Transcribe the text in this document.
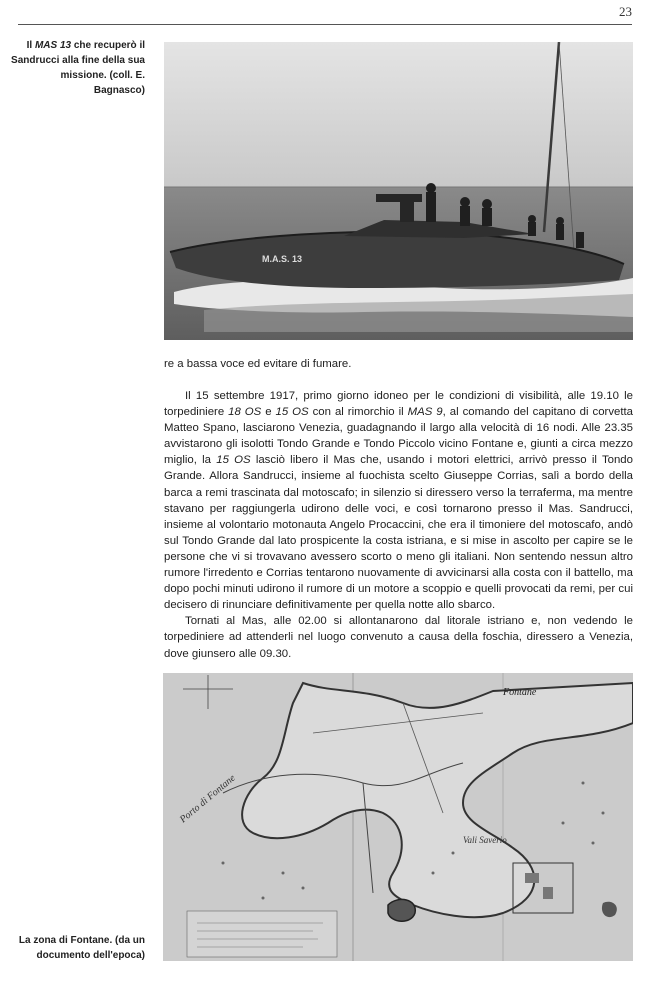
23
Il MAS 13 che recuperò il Sandrucci alla fine della sua missione. (coll. E. Bagnasco)
M.A.S. 13

re a bassa voce ed evitare di fumare.

Il 15 settembre 1917, primo giorno idoneo per le condizioni di visibilità, alle 19.10 le torpediniere 18 OS e 15 OS con al rimorchio il MAS 9, al comando del capitano di corvetta Matteo Spano, lasciarono Venezia, guadagnando il largo alla velocità di 16 nodi. Alle 23.35 avvistarono gli isolotti Tondo Grande e Tondo Piccolo vicino Fontane e, giunti a circa mezzo miglio, la 15 OS lasciò libero il Mas che, usando i motori elettrici, arrivò presso il Tondo Grande. Allora Sandrucci, insieme al fuochista scelto Giuseppe Corrias, salì a bordo della barca a remi trascinata dal motoscafo; in silenzio si diressero verso la terraferma, ma mentre stavano per raggiungerla udirono delle voci, e così tornarono presso il Mas. Sandrucci, insieme al volontario motonauta Angelo Procaccini, che era il timoniere del motoscafo, andò sul Tondo Grande dal lato prospicente la costa istriana, e si mise in ascolto per capire se le persone che vi si trovavano avessero scorto o meno gli italiani. Non sentendo nessun altro rumore l'irredento e Corrias tentarono nuovamente di avvicinarsi alla costa con il battello, ma dopo pochi minuti udirono il rumore di un motore a scoppio e quelli provocati da remi, per cui decisero di rinunciare definitivamente per quella notte allo sbarco.

Tornati al Mas, alle 02.00 si allontanarono dal litorale istriano e, non vedendo le torpediniere ad attenderli nel luogo convenuto a causa della foschia, diressero a Venezia, dove giunsero alle 09.30.

Fontane
Porto di Fontane
Vali Saverio
La zona di Fontane. (da un documento dell'epoca)
